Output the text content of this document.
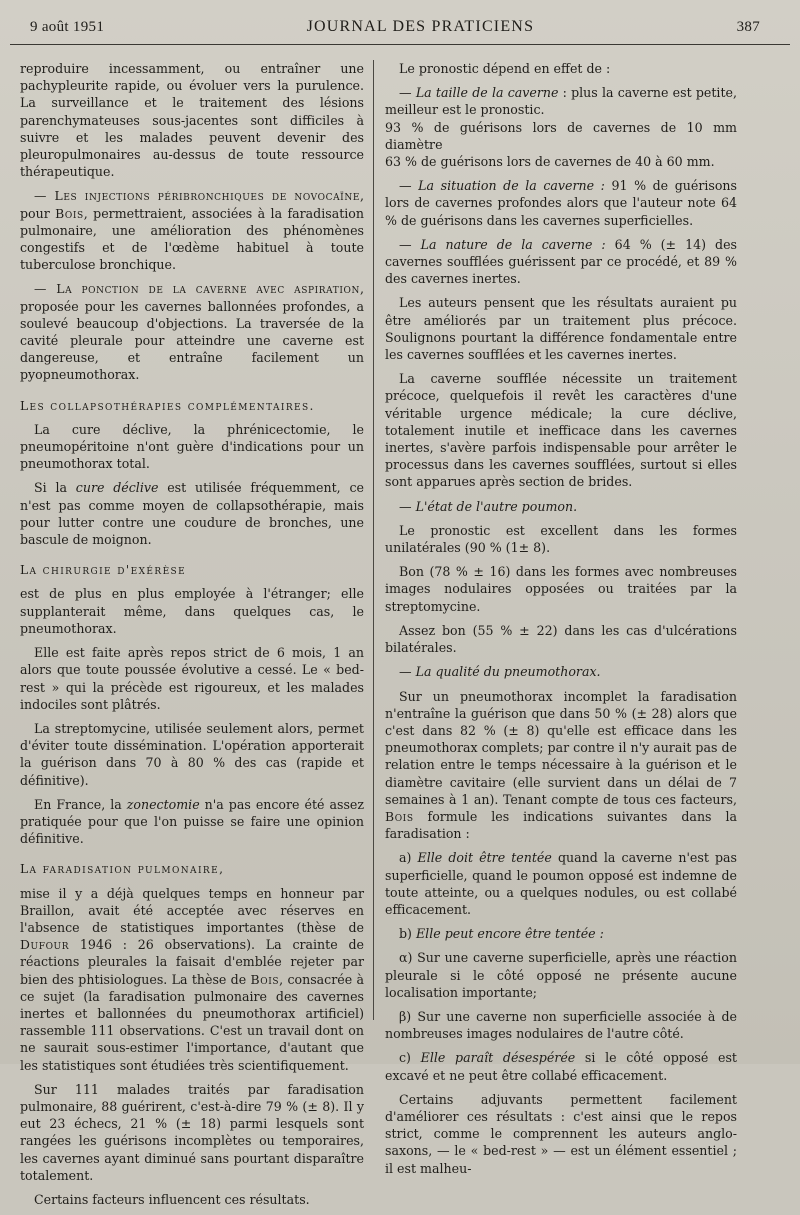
9 août 1951	JOURNAL DES PRATICIENS	387

reproduire incessamment, ou entraîner une pachypleurite rapide, ou évoluer vers la purulence. La surveillance et le traitement des lésions parenchymateuses sous-jacentes sont difficiles à suivre et les malades peuvent devenir des pleuropulmonaires au-dessus de toute ressource thérapeutique.

— Les injections péribronchiques de novocaïne, pour Bois, permettraient, associées à la faradisation pulmonaire, une amélioration des phénomènes congestifs et de l'œdème habituel à toute tuberculose bronchique.

— La ponction de la caverne avec aspiration, proposée pour les cavernes ballonnées profondes, a soulevé beaucoup d'objections. La traversée de la cavité pleurale pour atteindre une caverne est dangereuse, et entraîne facilement un pyopneumothorax.

Les collapsothérapies complémentaires.

La cure déclive, la phrénicectomie, le pneumopéritoine n'ont guère d'indications pour un pneumothorax total.

Si la cure déclive est utilisée fréquemment, ce n'est pas comme moyen de collapsothérapie, mais pour lutter contre une coudure de bronches, une bascule de moignon.

La chirurgie d'exérèse

est de plus en plus employée à l'étranger; elle supplanterait même, dans quelques cas, le pneumothorax.

Elle est faite après repos strict de 6 mois, 1 an alors que toute poussée évolutive a cessé. Le « bed-rest » qui la précède est rigoureux, et les malades indociles sont plâtrés.

La streptomycine, utilisée seulement alors, permet d'éviter toute dissémination. L'opération apporterait la guérison dans 70 à 80 % des cas (rapide et définitive).

En France, la zonectomie n'a pas encore été assez pratiquée pour que l'on puisse se faire une opinion définitive.

La faradisation pulmonaire,

mise il y a déjà quelques temps en honneur par Braillon, avait été acceptée avec réserves en l'absence de statistiques importantes (thèse de Dufour 1946 : 26 observations). La crainte de réactions pleurales la faisait d'emblée rejeter par bien des phtisiologues. La thèse de Bois, consacrée à ce sujet (la faradisation pulmonaire des cavernes inertes et ballonnées du pneumothorax artificiel) rassemble 111 observations. C'est un travail dont on ne saurait sous-estimer l'importance, d'autant que les statistiques sont étudiées très scientifiquement.

Sur 111 malades traités par faradisation pulmonaire, 88 guérirent, c'est-à-dire 79 % (± 8). Il y eut 23 échecs, 21 % (± 18) parmi lesquels sont rangées les guérisons incomplètes ou temporaires, les cavernes ayant diminué sans pourtant disparaître totalement.

Certains facteurs influencent ces résultats.

Le pronostic dépend en effet de :

— La taille de la caverne : plus la caverne est petite, meilleur est le pronostic.

93 % de guérisons lors de cavernes de 10 mm diamètre

63 % de guérisons lors de cavernes de 40 à 60 mm.

— La situation de la caverne : 91 % de guérisons lors de cavernes profondes alors que l'auteur note 64 % de guérisons dans les cavernes superficielles.

— La nature de la caverne : 64 % (± 14) des cavernes soufflées guérissent par ce procédé, et 89 % des cavernes inertes.

Les auteurs pensent que les résultats auraient pu être améliorés par un traitement plus précoce. Soulignons pourtant la différence fondamentale entre les cavernes soufflées et les cavernes inertes.

La caverne soufflée nécessite un traitement précoce, quelquefois il revêt les caractères d'une véritable urgence médicale; la cure déclive, totalement inutile et inefficace dans les cavernes inertes, s'avère parfois indispensable pour arrêter le processus dans les cavernes soufflées, surtout si elles sont apparues après section de brides.

— L'état de l'autre poumon.

Le pronostic est excellent dans les formes unilatérales (90 % (1± 8).

Bon (78 % ± 16) dans les formes avec nombreuses images nodulaires opposées ou traitées par la streptomycine.

Assez bon (55 % ± 22) dans les cas d'ulcérations bilatérales.

— La qualité du pneumothorax.

Sur un pneumothorax incomplet la faradisation n'entraîne la guérison que dans 50 % (± 28) alors que c'est dans 82 % (± 8) qu'elle est efficace dans les pneumothorax complets; par contre il n'y aurait pas de relation entre le temps nécessaire à la guérison et le diamètre cavitaire (elle survient dans un délai de 7 semaines à 1 an). Tenant compte de tous ces facteurs, Bois formule les indications suivantes dans la faradisation :

a) Elle doit être tentée quand la caverne n'est pas superficielle, quand le poumon opposé est indemne de toute atteinte, ou a quelques nodules, ou est collabé efficacement.

b) Elle peut encore être tentée :

α) Sur une caverne superficielle, après une réaction pleurale si le côté opposé ne présente aucune localisation importante;

β) Sur une caverne non superficielle associée à de nombreuses images nodulaires de l'autre côté.

c) Elle paraît désespérée si le côté opposé est excavé et ne peut être collabé efficacement.

Certains adjuvants permettent facilement d'améliorer ces résultats : c'est ainsi que le repos strict, comme le comprennent les auteurs anglo-saxons, — le « bed-rest » — est un élément essentiel ; il est malheu-
